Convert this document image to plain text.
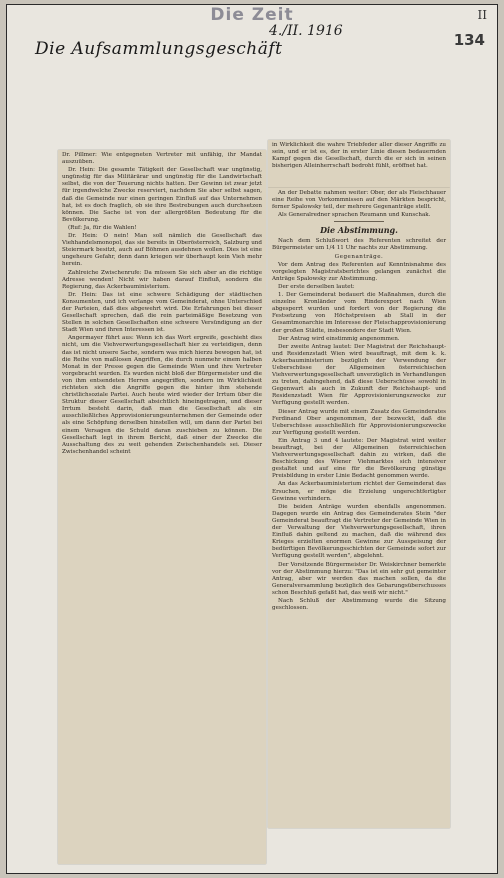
Die Zeit	II
4./II. 1916	134
Die Aufsammlungsgeschäft

Dr. Pillmer: Wie entgegneten Vertreter mit unfähig, ihr Mandat auszuüben.

Dr. Hein: Die gesamte Tätigkeit der Gesellschaft war ungünstig, ungünstig für das Militärärar und ungünstig für die Landwirtschaft selbst, die von der Teuerung nichts hatten. Der Gewinn ist zwar jetzt für irgendwelche Zwecke reserviert, nachdem Sie aber selbst sagen, daß die Gemeinde nur einen geringen Einfluß auf das Unternehmen hat, ist es doch fraglich, ob sie ihre Bestrebungen auch durchsetzen können. Die Sache ist von der allergrößten Bedeutung für die Bevölkerung.

(Ruf: Ja, für die Wahlen!

Dr. Hein: O nein! Man soll nämlich die Gesellschaft das Viehhandelsmonopol, das sie bereits in Oberösterreich, Salzburg und Steiermark besitzt, auch auf Böhmen ausdehnen wollen. Dies ist eine ungeheure Gefahr, denn dann kriegen wir überhaupt kein Vieh mehr herein.

Zahlreiche Zwischenrufe: Da müssen Sie sich aber an die richtige Adresse wenden! Nicht wir haben darauf Einfluß, sondern die Regierung, das Ackerbauministerium.

Dr. Hein: Das ist eine schwere Schädigung der städtischen Konsumenten, und ich verlange vom Gemeinderat, ohne Unterschied der Parteien, daß dies abgewehrt wird. Die Erfahrungen bei dieser Gesellschaft sprechen, daß die rein parteimäßige Besetzung von Stellen in solchen Gesellschaften eine schwere Versündigung an der Stadt Wien und ihren Interessen ist.

Angermayer führt aus: Wenn ich das Wort ergreife, geschieht dies nicht, um die Viehverwertungsgesellschaft hier zu verteidigen, denn das ist nicht unsere Sache, sondern was mich hierzu bewogen hat, ist die Reihe von maßlosen Angriffen, die durch nunmehr einem halben Monat in der Presse gegen die Gemeinde Wien und ihre Vertreter vorgebracht wurden. Es wurden nicht bloß der Bürgermeister und die von ihm entsendeten Herren angegriffen, sondern im Wirklichkeit richteten sich die Angriffe gegen die hinter ihm stehende christlichsoziale Partei. Auch heute wird wieder der Irrtum über die Struktur dieser Gesellschaft absichtlich hineingetragen, und dieser Irrtum besteht darin, daß man die Gesellschaft als ein ausschließliches Approvisionierungsunternehmen der Gemeinde oder als eine Schöpfung derselben hinstellen will, um dann der Partei bei einem Versagen die Schuld daran zuschieben zu können. Die Gesellschaft legt in ihrem Bericht, daß einer der Zwecke die Ausschaltung des zu weit gehenden Zwischenhandels sei. Dieser Zwischenhandel scheint

in Wirklichkeit die wahre Triebfeder aller dieser Angriffe zu sein, und er ist es, der in erster Linie diesen bedauernden Kampf gegen die Gesellschaft, durch die er sich in seinen bisherigen Alleinherrschaft bedroht fühlt, eröffnet hat.

An der Debatte nahmen weiter: Ober, der als Fleischhauer eine Reihe von Vorkommnissen auf den Märkten bespricht, ferner Spalowsky teil, der mehrere Gegenanträge stellt.

Als Generalredner sprachen Reumann und Kunschak.

Die Abstimmung.

Nach dem Schlußwort des Referenten schreitet der Bürgermeister um 1/4 11 Uhr nachts zur Abstimmung.

Gegenanträge.

Vor dem Antrag des Referenten auf Kenntnisnahme des vorgelegten Magistratsberichtes gelangen zunächst die Anträge Spalowsky zur Abstimmung.

Der erste derselben lautet:

1. Der Gemeinderat bedauert die Maßnahmen, durch die einzelne Kronländer vom Rinderexport nach Wien abgesperrt wurden und fordert von der Regierung die Festsetzung von Höchstpreisen ab Stall in der Gesamtmonarchie im Interesse der Fleischapprovisionierung der großen Städte, insbesondere der Stadt Wien.

Der Antrag wird einstimmig angenommen.

Der zweite Antrag lautet: Der Magistrat der Reichshaupt- und Residenzstadt Wien wird beauftragt, mit dem k. k. Ackerbauministerium bezüglich der Verwendung der Ueberschüsse der Allgemeinen österreichischen Viehverwertungsgesellschaft unverzüglich in Verhandlungen zu treten, dahingehend, daß diese Ueberschüsse sowohl in Gegenwart als auch in Zukunft der Reichshaupt- und Residenzstadt Wien für Approvisionierungszwecke zur Verfügung gestellt werden.

Dieser Antrag wurde mit einem Zusatz des Gemeinderates Ferdinand Ober angenommen, der bezweckt, daß die Ueberschüsse ausschließlich für Approvisionierungszwecke zur Verfügung gestellt werden.

Ein Antrag 3 und 4 lautete: Der Magistrat wird weiter beauftragt, bei der Allgemeinen österreichischen Viehverwertungsgesellschaft dahin zu wirken, daß die Beschickung des Wiener Viehmarktes sich intensiver gestaltet und auf eine für die Bevölkerung günstige Preisbildung in erster Linie Bedacht genommen werde.

An das Ackerbauministerium richtet der Gemeinderat das Ersuchen, er möge die Erzielung ungerechtfertigter Gewinne verhindern.

Die beiden Anträge wurden ebenfalls angenommen. Dagegen wurde ein Antrag des Gemeinderates Stein "der Gemeinderat beauftragt die Vertreter der Gemeinde Wien in der Verwaltung der Viehverwertungsgesellschaft, ihren Einfluß dahin geltend zu machen, daß die während des Krieges erzielten enormen Gewinne zur Ausspeisung der bedürftigen Bevölkerungsschichten der Gemeinde sofort zur Verfügung gestellt werden", abgelehnt.

Der Vorsitzende Bürgermeister Dr. Weiskirchner bemerkte vor der Abstimmung hierzu: "Das ist ein sehr gut gemeinter Antrag, aber wir werden das machen sollen, da die Generalversammlung bezüglich des Gebarungsüberschusses schon Beschluß gefaßt hat, das weiß wir nicht."

Nach Schluß der Abstimmung wurde die Sitzung geschlossen.
